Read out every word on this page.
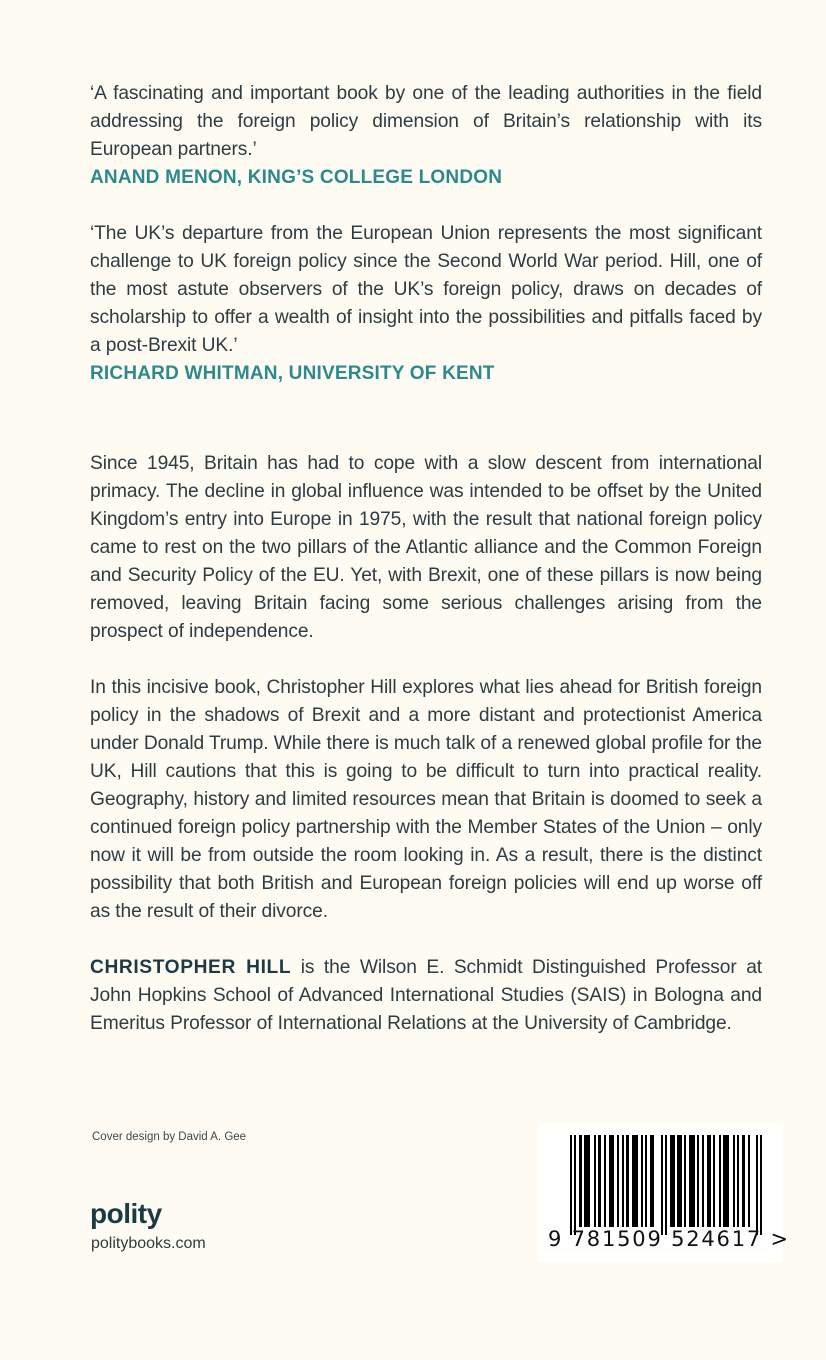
‘A fascinating and important book by one of the leading authorities in the field addressing the foreign policy dimension of Britain’s relationship with its European partners.’

ANAND MENON, KING’S COLLEGE LONDON

‘The UK’s departure from the European Union represents the most significant challenge to UK foreign policy since the Second World War period. Hill, one of the most astute observers of the UK’s foreign policy, draws on decades of scholarship to offer a wealth of insight into the possibilities and pitfalls faced by a post-Brexit UK.’

RICHARD WHITMAN, UNIVERSITY OF KENT

Since 1945, Britain has had to cope with a slow descent from international primacy. The decline in global influence was intended to be offset by the United Kingdom’s entry into Europe in 1975, with the result that national foreign policy came to rest on the two pillars of the Atlantic alliance and the Common Foreign and Security Policy of the EU. Yet, with Brexit, one of these pillars is now being removed, leaving Britain facing some serious challenges arising from the prospect of independence.

In this incisive book, Christopher Hill explores what lies ahead for British foreign policy in the shadows of Brexit and a more distant and protectionist America under Donald Trump. While there is much talk of a renewed global profile for the UK, Hill cautions that this is going to be difficult to turn into practical reality. Geography, history and limited resources mean that Britain is doomed to seek a continued foreign policy partnership with the Member States of the Union – only now it will be from outside the room looking in. As a result, there is the distinct possibility that both British and European foreign policies will end up worse off as the result of their divorce.

CHRISTOPHER HILL is the Wilson E. Schmidt Distinguished Professor at John Hopkins School of Advanced International Studies (SAIS) in Bologna and Emeritus Professor of International Relations at the University of Cambridge.

Cover design by David A. Gee
polity
politybooks.com	9 781509 524617 >
